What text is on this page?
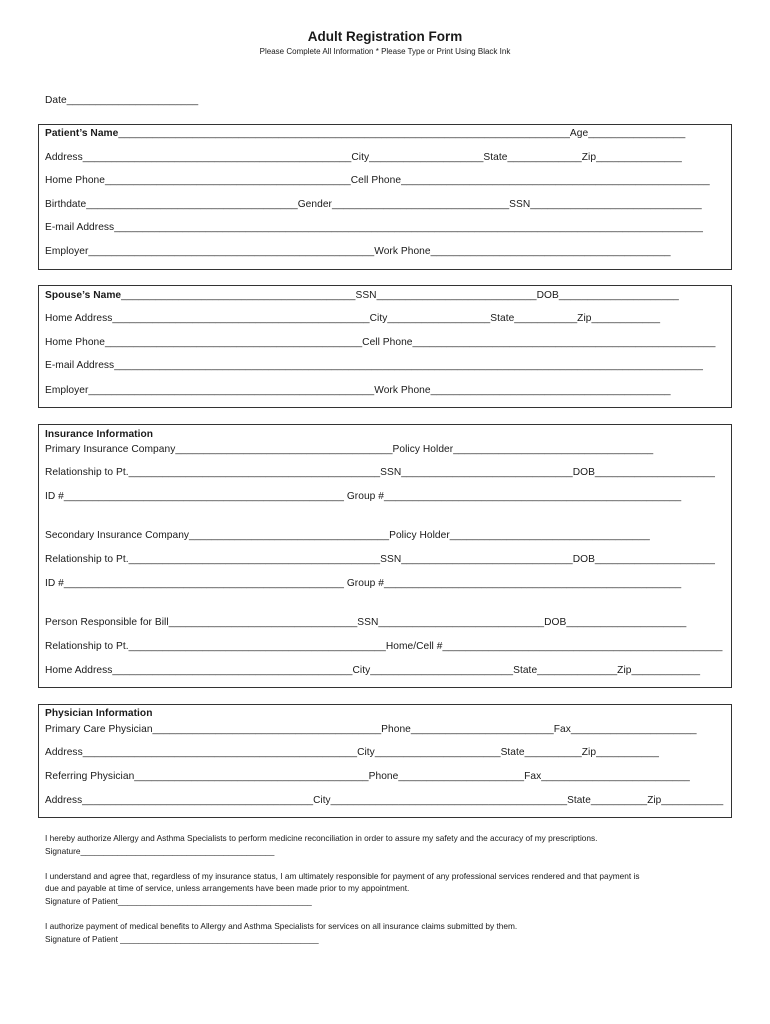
Adult Registration Form
Please Complete All Information * Please Type or Print Using Black Ink
Date_______________________
Patient’s Name_______________________________________________________________________________Age_________________
Address_______________________________________________City____________________State_____________Zip_______________
Home Phone___________________________________________Cell Phone______________________________________________________
Birthdate_____________________________________Gender_______________________________SSN______________________________
E-mail Address_______________________________________________________________________________________________________
Employer__________________________________________________Work Phone__________________________________________
Spouse’s Name_________________________________________SSN____________________________DOB_____________________
Home Address_____________________________________________City__________________State___________Zip____________
Home Phone_____________________________________________Cell Phone_____________________________________________________
E-mail Address_______________________________________________________________________________________________________
Employer__________________________________________________Work Phone__________________________________________
Insurance Information
Primary Insurance Company______________________________________Policy Holder___________________________________
Relationship to Pt.____________________________________________SSN______________________________DOB_____________________
ID #_________________________________________________ Group #____________________________________________________
Secondary Insurance Company___________________________________Policy Holder___________________________________
Relationship to Pt.____________________________________________SSN______________________________DOB_____________________
ID #_________________________________________________ Group #____________________________________________________
Person Responsible for Bill_________________________________SSN_____________________________DOB_____________________
Relationship to Pt._____________________________________________Home/Cell #_________________________________________________
Home Address__________________________________________City_________________________State______________Zip____________
Physician Information
Primary Care Physician________________________________________Phone_________________________Fax______________________
Address________________________________________________City______________________State__________Zip___________
Referring Physician_________________________________________Phone______________________Fax__________________________
Address_________________________________________City__________________________________________State__________Zip___________
I hereby authorize Allergy and Asthma Specialists to perform medicine reconciliation in order to assure my safety and the accuracy of my prescriptions.
Signature__________________________________________
I understand and agree that, regardless of my insurance status, I am ultimately responsible for payment of any professional services rendered and that payment is
due and payable at time of service, unless arrangements have been made prior to my appointment.
Signature of Patient__________________________________________
I authorize payment of medical benefits to Allergy and Asthma Specialists for services on all insurance claims submitted by them.
Signature of Patient ___________________________________________
